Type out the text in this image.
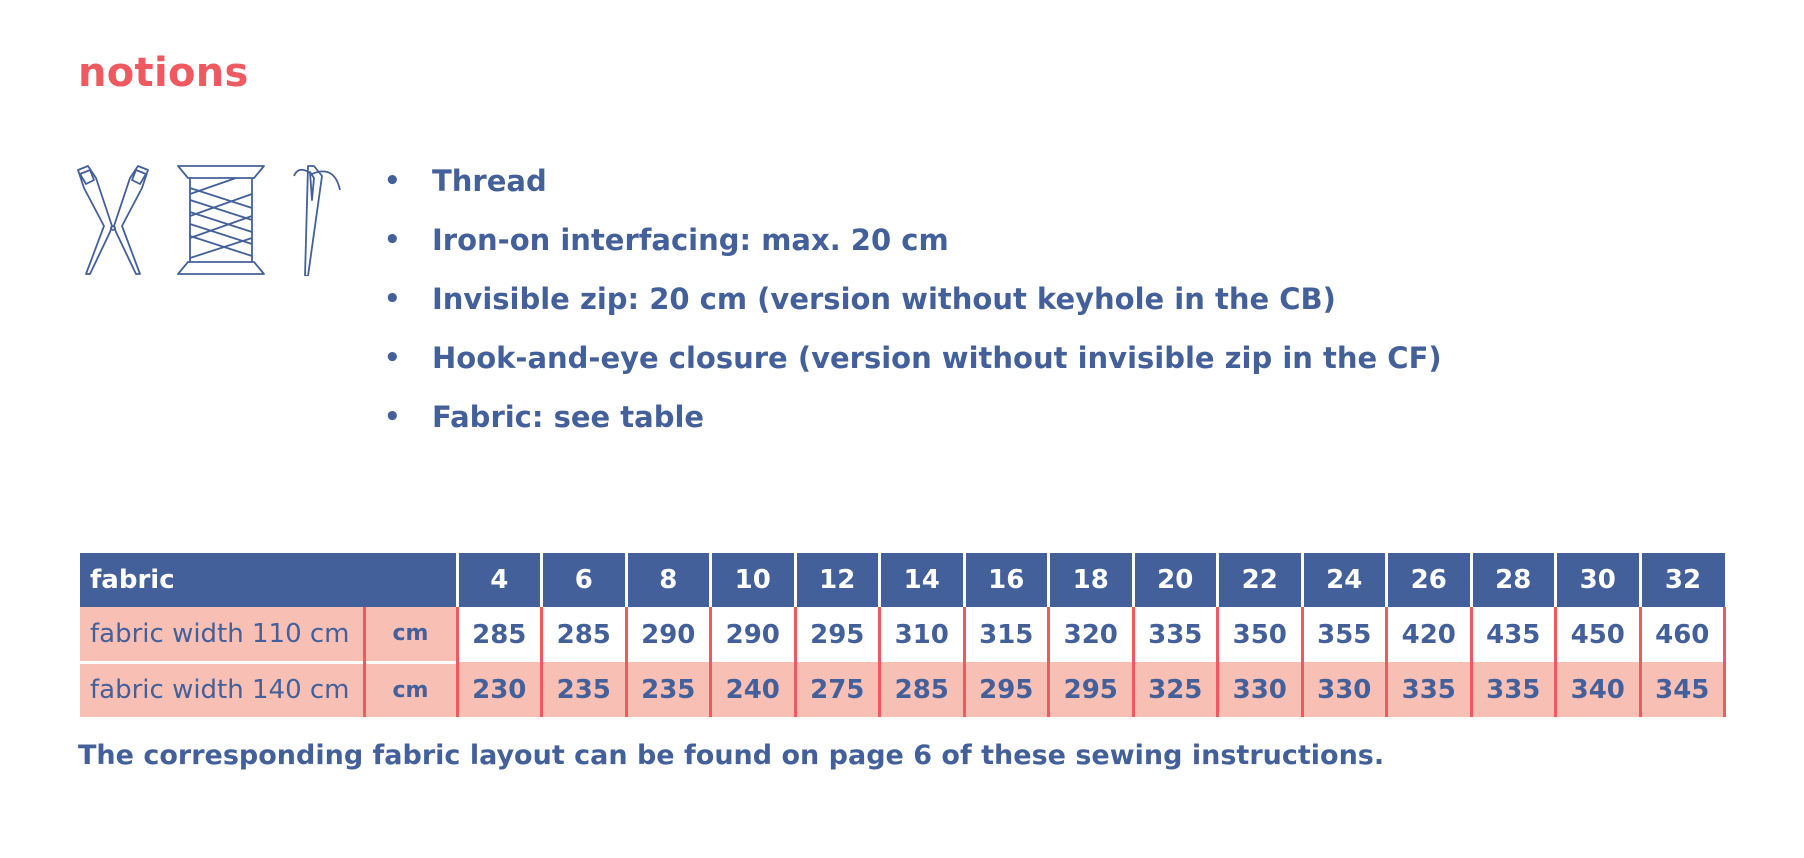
notions
• Thread
• Iron-on interfacing: max. 20 cm
• Invisible zip: 20 cm (version without keyhole in the CB)
• Hook-and-eye closure (version without invisible zip in the CF)
• Fabric: see table
fabric		4	6	8	10	12	14	16	18	20	22	24	26	28	30	32
fabric width 110 cm	cm	285	285	290	290	295	310	315	320	335	350	355	420	435	450	460
fabric width 140 cm	cm	230	235	235	240	275	285	295	295	325	330	330	335	335	340	345
The corresponding fabric layout can be found on page 6 of these sewing instructions.
